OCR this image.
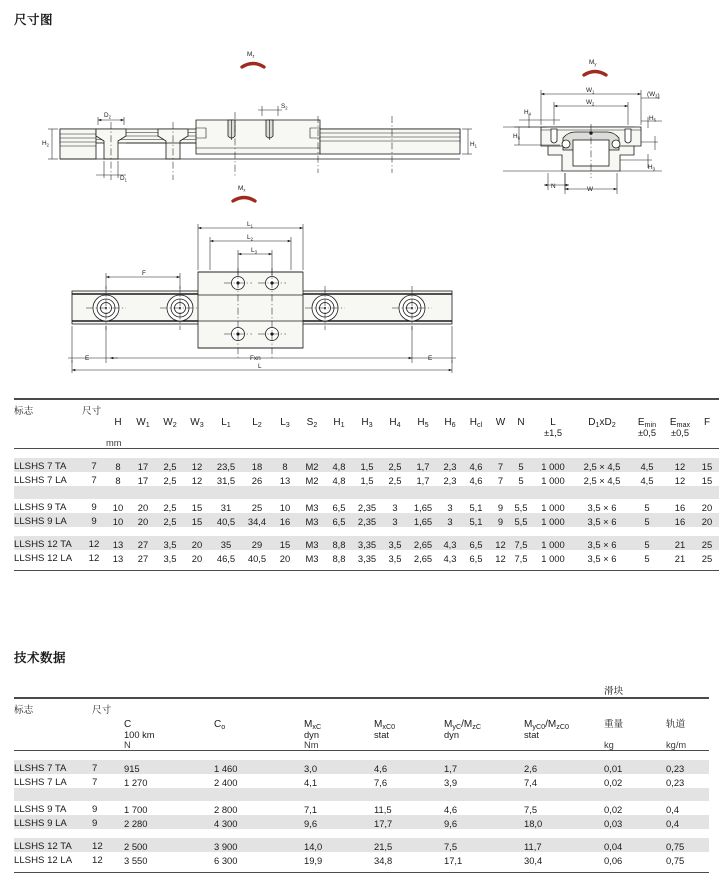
尺寸图
$M_z$
$D_2$
$D_1$
$H_2$
$S_2$
$H_1$
$M_x$
$M_y$
$W_1$
$W_2$
$(W_3)$
$H_4$
$H_6$
$H_5$
$H_3$
N	W
$L_1$
$L_2$
$L_3$
F
E	Fxn	E
L

标志	尺寸																					
		H	$W_1$	$W_2$	$W_3$	$L_1$	$L_2$	$L_3$	$S_2$	$H_1$	$H_3$	$H_4$	$H_5$	$H_6$	$H_{cl}$	W	N	L	$D_1xD_2$	$E_{min}$	$E_{max}$	F
																		±1,5		±0,5	±0,5	
		mm																				

LLSHS 7 TA	7	8	17	2,5	12	23,5	18	8	M2	4,8	1,5	2,5	1,7	2,3	4,6	7	5	1 000	2,5 × 4,5	4,5	12	15
LLSHS 7 LA	7	8	17	2,5	12	31,5	26	13	M2	4,8	1,5	2,5	1,7	2,3	4,6	7	5	1 000	2,5 × 4,5	4,5	12	15

LLSHS 9 TA	9	10	20	2,5	15	31	25	10	M3	6,5	2,35	3	1,65	3	5,1	9	5,5	1 000	3,5 × 6	5	16	20
LLSHS 9 LA	9	10	20	2,5	15	40,5	34,4	16	M3	6,5	2,35	3	1,65	3	5,1	9	5,5	1 000	3,5 × 6	5	16	20

LLSHS 12 TA	12	13	27	3,5	20	35	29	15	M3	8,8	3,35	3,5	2,65	4,3	6,5	12	7,5	1 000	3,5 × 6	5	21	25
LLSHS 12 LA	12	13	27	3,5	20	46,5	40,5	20	M3	8,8	3,35	3,5	2,65	4,3	6,5	12	7,5	1 000	3,5 × 6	5	21	25

技术数据
								滑块	

标志	尺寸								
		C	$C_o$	$M_{xC}$	$M_{xC0}$	$M_{yC}/M_{zC}$	$M_{yC0}/M_{zC0}$	重量	轨道
		100 km		dyn	stat	dyn	stat		
		N		Nm				kg	kg/m

LLSHS 7 TA	7	915	1 460	3,0	4,6	1,7	2,6	0,01	0,23
LLSHS 7 LA	7	1 270	2 400	4,1	7,6	3,9	7,4	0,02	0,23

LLSHS 9 TA	9	1 700	2 800	7,1	11,5	4,6	7,5	0,02	0,4
LLSHS 9 LA	9	2 280	4 300	9,6	17,7	9,6	18,0	0,03	0,4

LLSHS 12 TA	12	2 500	3 900	14,0	21,5	7,5	11,7	0,04	0,75
LLSHS 12 LA	12	3 550	6 300	19,9	34,8	17,1	30,4	0,06	0,75
